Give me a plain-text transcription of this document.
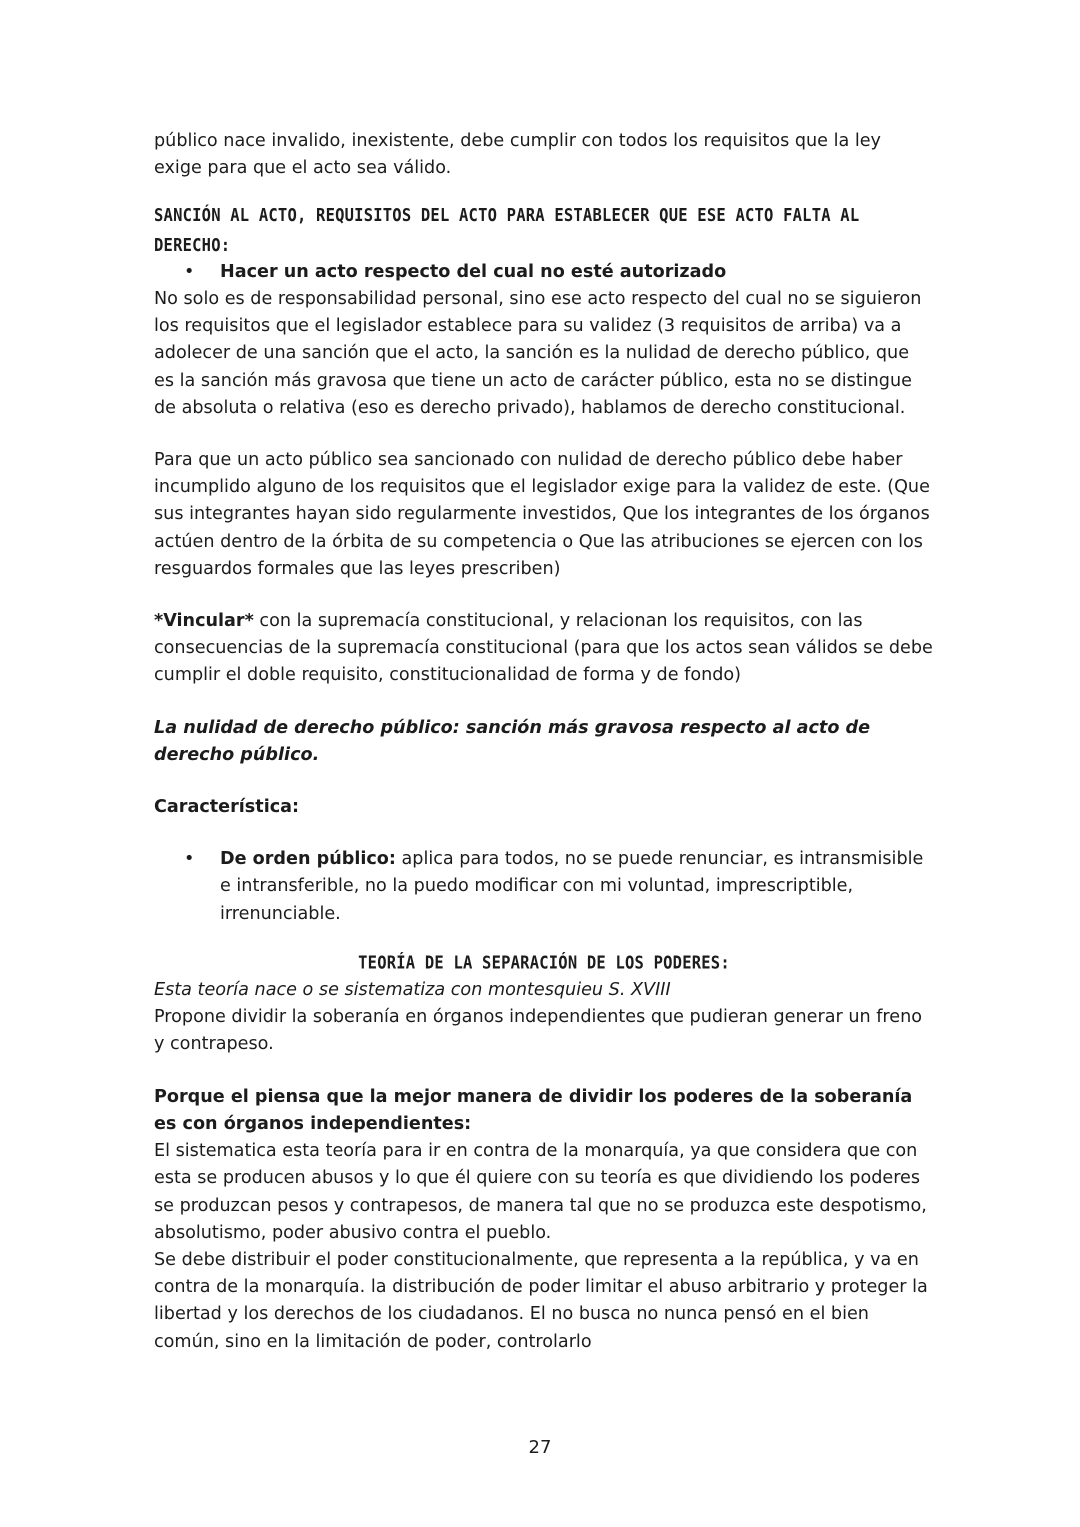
público nace invalido, inexistente, debe cumplir con todos los requisitos que la ley exige para que el acto sea válido.

SANCIÓN AL ACTO, REQUISITOS DEL ACTO PARA ESTABLECER QUE ESE ACTO FALTA AL DERECHO:

• Hacer un acto respecto del cual no esté autorizado

No solo es de responsabilidad personal, sino ese acto respecto del cual no se siguieron los requisitos que el legislador establece para su validez (3 requisitos de arriba) va a adolecer de una sanción que el acto, la sanción es la nulidad de derecho público, que es la sanción más gravosa que tiene un acto de carácter público, esta no se distingue de absoluta o relativa (eso es derecho privado), hablamos de derecho constitucional.

Para que un acto público sea sancionado con nulidad de derecho público debe haber incumplido alguno de los requisitos que el legislador exige para la validez de este. (Que sus integrantes hayan sido regularmente investidos, Que los integrantes de los órganos actúen dentro de la órbita de su competencia o Que las atribuciones se ejercen con los resguardos formales que las leyes prescriben)

*Vincular* con la supremacía constitucional, y relacionan los requisitos, con las consecuencias de la supremacía constitucional (para que los actos sean válidos se debe cumplir el doble requisito, constitucionalidad de forma y de fondo)

La nulidad de derecho público: sanción más gravosa respecto al acto de derecho público.

Característica:

• De orden público: aplica para todos, no se puede renunciar, es intransmisible e intransferible, no la puedo modificar con mi voluntad, imprescriptible, irrenunciable.

TEORÍA DE LA SEPARACIÓN DE LOS PODERES:

Esta teoría nace o se sistematiza con montesquieu S. XVIII

Propone dividir la soberanía en órganos independientes que pudieran generar un freno y contrapeso.

Porque el piensa que la mejor manera de dividir los poderes de la soberanía es con órganos independientes:

El sistematica esta teoría para ir en contra de la monarquía, ya que considera que con esta se producen abusos y lo que él quiere con su teoría es que dividiendo los poderes se produzcan pesos y contrapesos, de manera tal que no se produzca este despotismo, absolutismo, poder abusivo contra el pueblo.

Se debe distribuir el poder constitucionalmente, que representa a la república, y va en contra de la monarquía. la distribución de poder limitar el abuso arbitrario y proteger la libertad y los derechos de los ciudadanos. El no busca no nunca pensó en el bien común, sino en la limitación de poder, controlarlo

27
